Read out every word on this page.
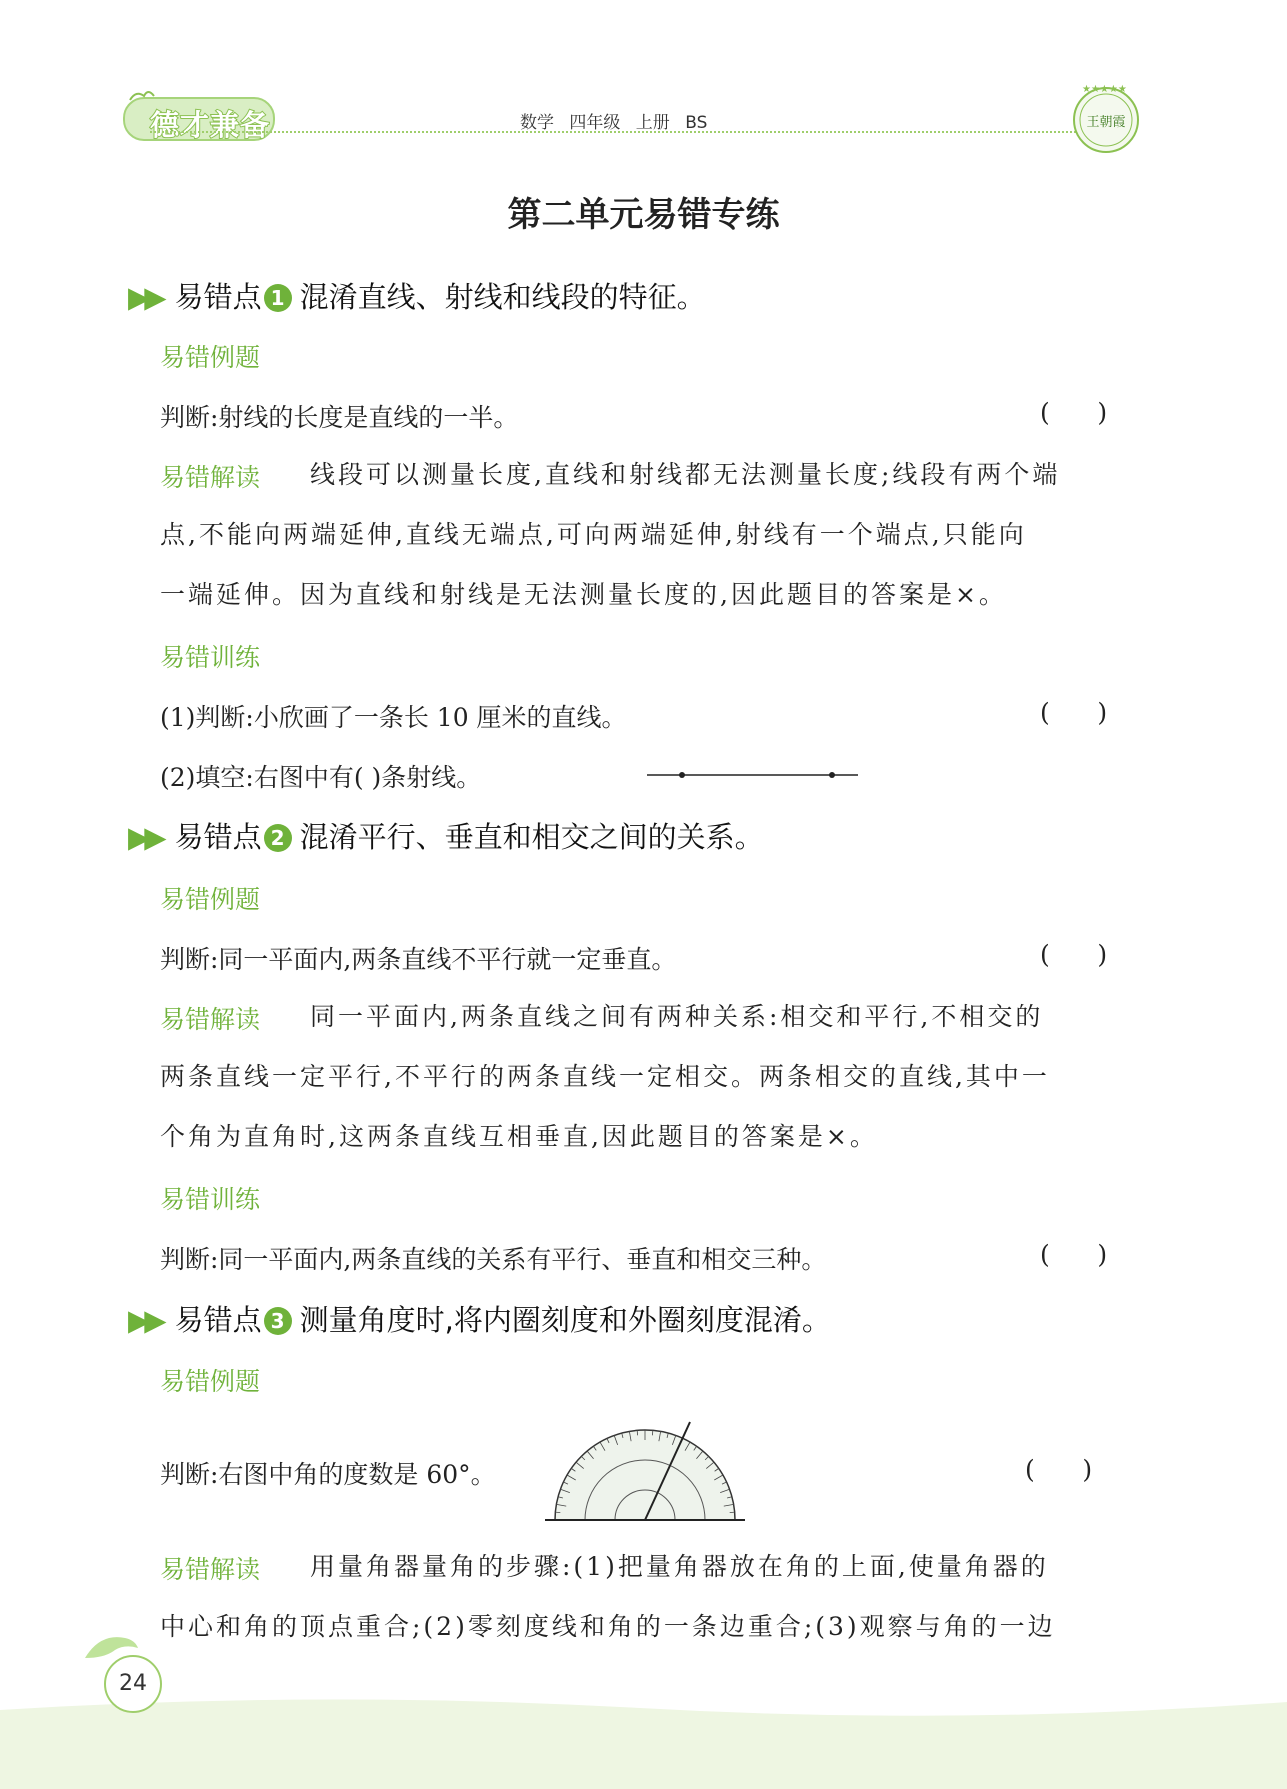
德才兼备	数学 四年级 上册 BS
★★★★★
王朝霞
第二单元易错专练
▶▶ 易错点 1 混淆直线、射线和线段的特征。
易错例题
判断:射线的长度是直线的一半。	(      )
易错解读 线段可以测量长度,直线和射线都无法测量长度;线段有两个端
点,不能向两端延伸,直线无端点,可向两端延伸,射线有一个端点,只能向
一端延伸。因为直线和射线是无法测量长度的,因此题目的答案是×。
易错训练
(1)判断:小欣画了一条长 10 厘米的直线。	(      )
(2)填空:右图中有( )条射线。
▶▶ 易错点 2 混淆平行、垂直和相交之间的关系。
易错例题
判断:同一平面内,两条直线不平行就一定垂直。	(      )
易错解读 同一平面内,两条直线之间有两种关系:相交和平行,不相交的
两条直线一定平行,不平行的两条直线一定相交。两条相交的直线,其中一
个角为直角时,这两条直线互相垂直,因此题目的答案是×。
易错训练
判断:同一平面内,两条直线的关系有平行、垂直和相交三种。	(      )
▶▶ 易错点 3 测量角度时,将内圈刻度和外圈刻度混淆。
易错例题
判断:右图中角的度数是 60°。	(      )
易错解读 用量角器量角的步骤:(1)把量角器放在角的上面,使量角器的
中心和角的顶点重合;(2)零刻度线和角的一条边重合;(3)观察与角的一边
24
